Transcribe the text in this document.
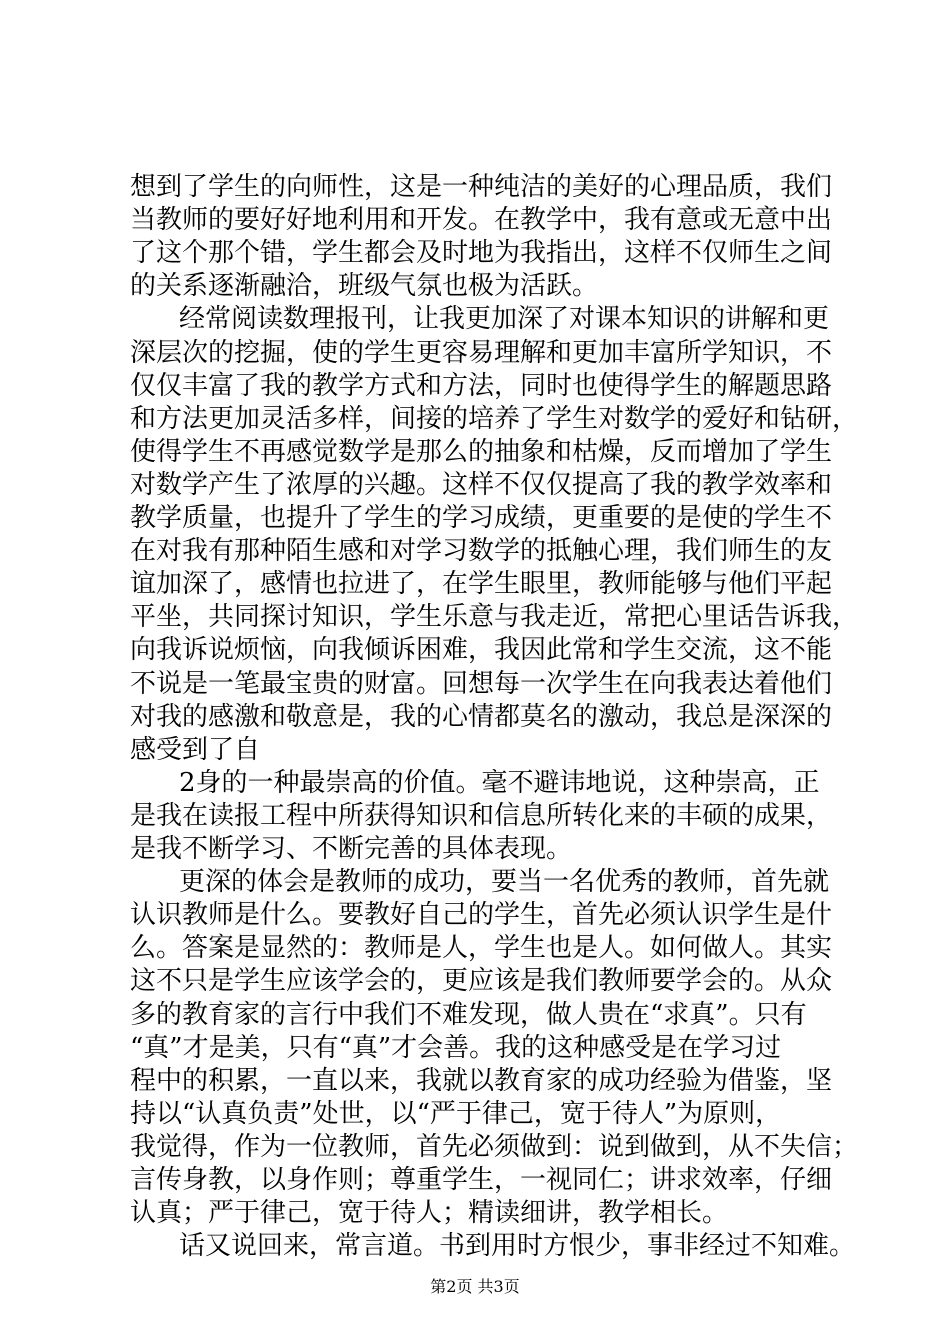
想到了学生的向师性，这是一种纯洁的美好的心理品质，我们
当教师的要好好地利用和开发。在教学中，我有意或无意中出
了这个那个错，学生都会及时地为我指出，这样不仅师生之间
的关系逐渐融洽，班级气氛也极为活跃。
经常阅读数理报刊，让我更加深了对课本知识的讲解和更
深层次的挖掘，使的学生更容易理解和更加丰富所学知识，不
仅仅丰富了我的教学方式和方法，同时也使得学生的解题思路
和方法更加灵活多样，间接的培养了学生对数学的爱好和钻研，
使得学生不再感觉数学是那么的抽象和枯燥，反而增加了学生
对数学产生了浓厚的兴趣。这样不仅仅提高了我的教学效率和
教学质量，也提升了学生的学习成绩，更重要的是使的学生不
在对我有那种陌生感和对学习数学的抵触心理，我们师生的友
谊加深了，感情也拉进了，在学生眼里，教师能够与他们平起
平坐，共同探讨知识，学生乐意与我走近，常把心里话告诉我，
向我诉说烦恼，向我倾诉困难，我因此常和学生交流，这不能
不说是一笔最宝贵的财富。回想每一次学生在向我表达着他们
对我的感激和敬意是，我的心情都莫名的激动，我总是深深的
感受到了自
2身的一种最崇高的价值。毫不避讳地说，这种崇高，正
是我在读报工程中所获得知识和信息所转化来的丰硕的成果，
是我不断学习、不断完善的具体表现。
更深的体会是教师的成功，要当一名优秀的教师，首先就
认识教师是什么。要教好自己的学生，首先必须认识学生是什
么。答案是显然的：教师是人，学生也是人。如何做人。其实
这不只是学生应该学会的，更应该是我们教师要学会的。从众
多的教育家的言行中我们不难发现，做人贵在“求真”。只有
“真”才是美，只有“真”才会善。我的这种感受是在学习过
程中的积累，一直以来，我就以教育家的成功经验为借鉴，坚
持以“认真负责”处世，以“严于律己，宽于待人”为原则，
我觉得，作为一位教师，首先必须做到：说到做到，从不失信；
言传身教，以身作则；尊重学生，一视同仁；讲求效率，仔细
认真；严于律己，宽于待人；精读细讲，教学相长。
话又说回来，常言道。书到用时方恨少，事非经过不知难。
第2页 共3页
